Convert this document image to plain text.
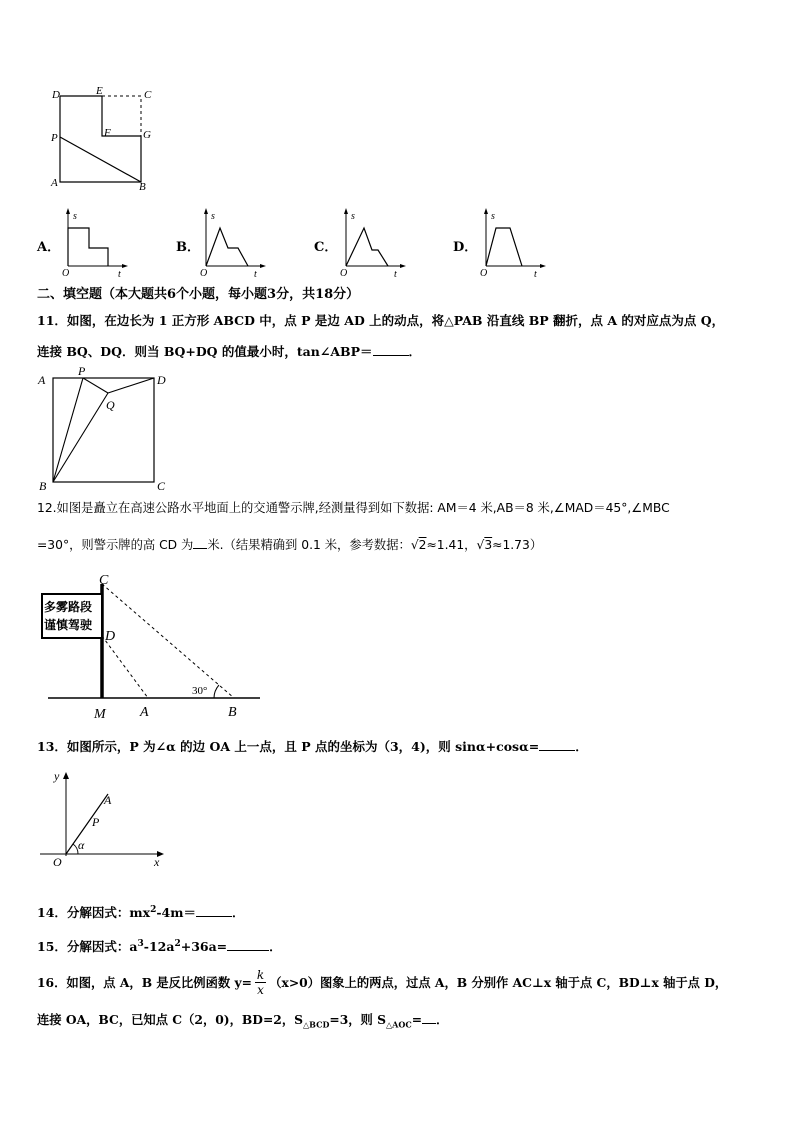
D	E	C
P	F	G
A	B
A．
s
O	t
B．
s
O	t
C．
s
O	t
D．
s
O	t
二、填空题（本大题共6个小题，每小题3分，共18分）
11．如图，在边长为 1 正方形 ABCD 中，点 P 是边 AD 上的动点，将△PAB 沿直线 BP 翻折，点 A 的对应点为点 Q，
连接 BQ、DQ．则当 BQ+DQ 的值最小时，tan∠ABP＝	．
A
P
D
Q
B	C
12.如图是矗立在高速公路水平地面上的交通警示牌,经测量得到如下数据: AM＝4 米,AB＝8 米,∠MAD＝45°,∠MBC
=30°，则警示牌的高 CD 为 米.（结果精确到 0.1 米，参考数据：√2≈1.41，√3≈1.73）
C
D
M A	B
30°
多雾路段
谨慎驾驶
13．如图所示，P 为∠α 的边 OA 上一点，且 P 点的坐标为（3，4)，则 sinα+cosα=	．
y
x
O
A
P
α
14．分解因式：$mx^2-4m=$	．
15．分解因式：$a^3-12a^2+36a=$	．
16．如图，点 A，B 是反比例函数 $y= \frac{k}{x} (x>0)$图象上的两点，过点 A，B 分别作 AC⊥x 轴于点 C，BD⊥x 轴于点 D，
连接 OA，BC，已知点 C（2，0)，BD=2，$S_{\triangle BCD}=3$，则 $S_{\triangle AOC}=$ ．
